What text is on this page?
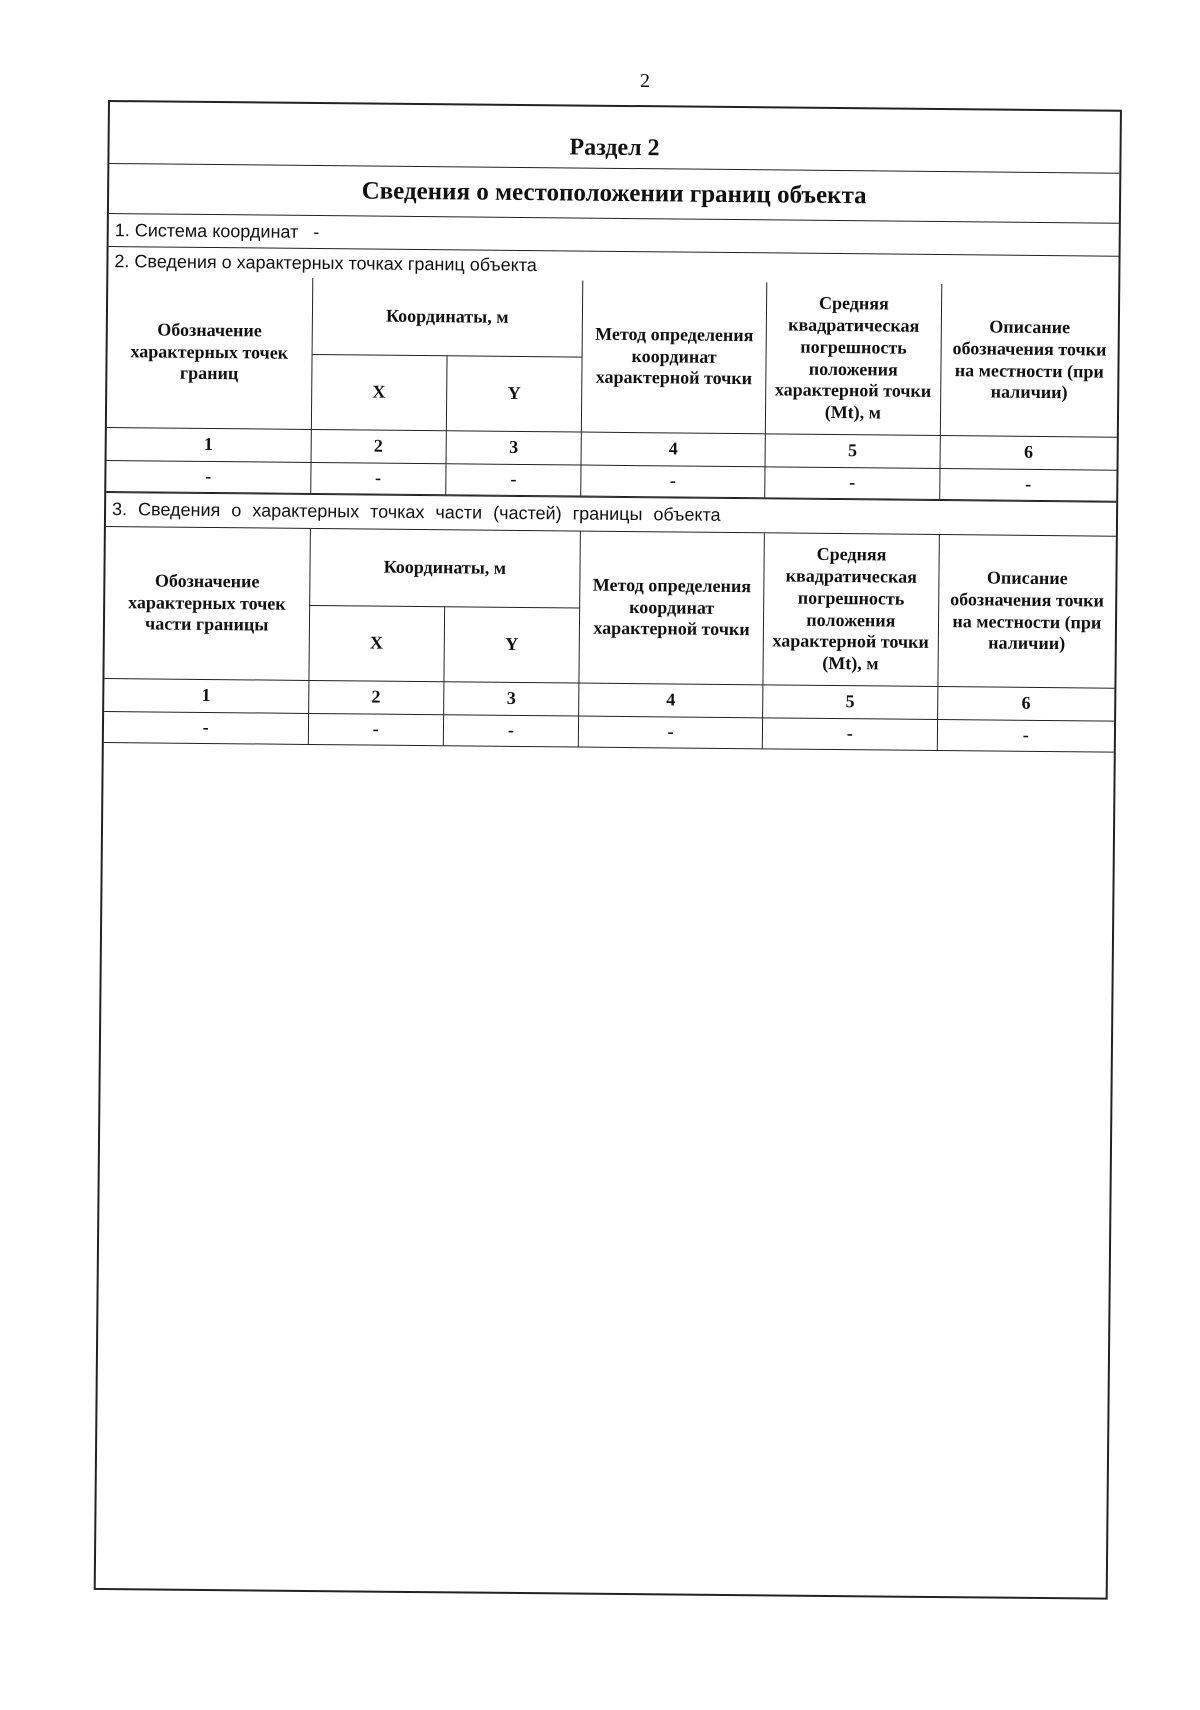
2
Раздел 2
Сведения о местоположении границ объекта
1. Система координат -
2. Сведения о характерных точках границ объекта
Обозначение характерных точек границ	Координаты, м		Метод определения координат характерной точки	Средняя квадратическая погрешность положения характерной точки (Mt), м	Описание обозначения точки на местности (при наличии)
	X	Y			
1	2	3	4	5	6
-	-	-	-	-	-
3. Сведения о характерных точках части (частей) границы объекта
Обозначение характерных точек части границы	Координаты, м		Метод определения координат характерной точки	Средняя квадратическая погрешность положения характерной точки (Mt), м	Описание обозначения точки на местности (при наличии)
	X	Y			
1	2	3	4	5	6
-	-	-	-	-	-
